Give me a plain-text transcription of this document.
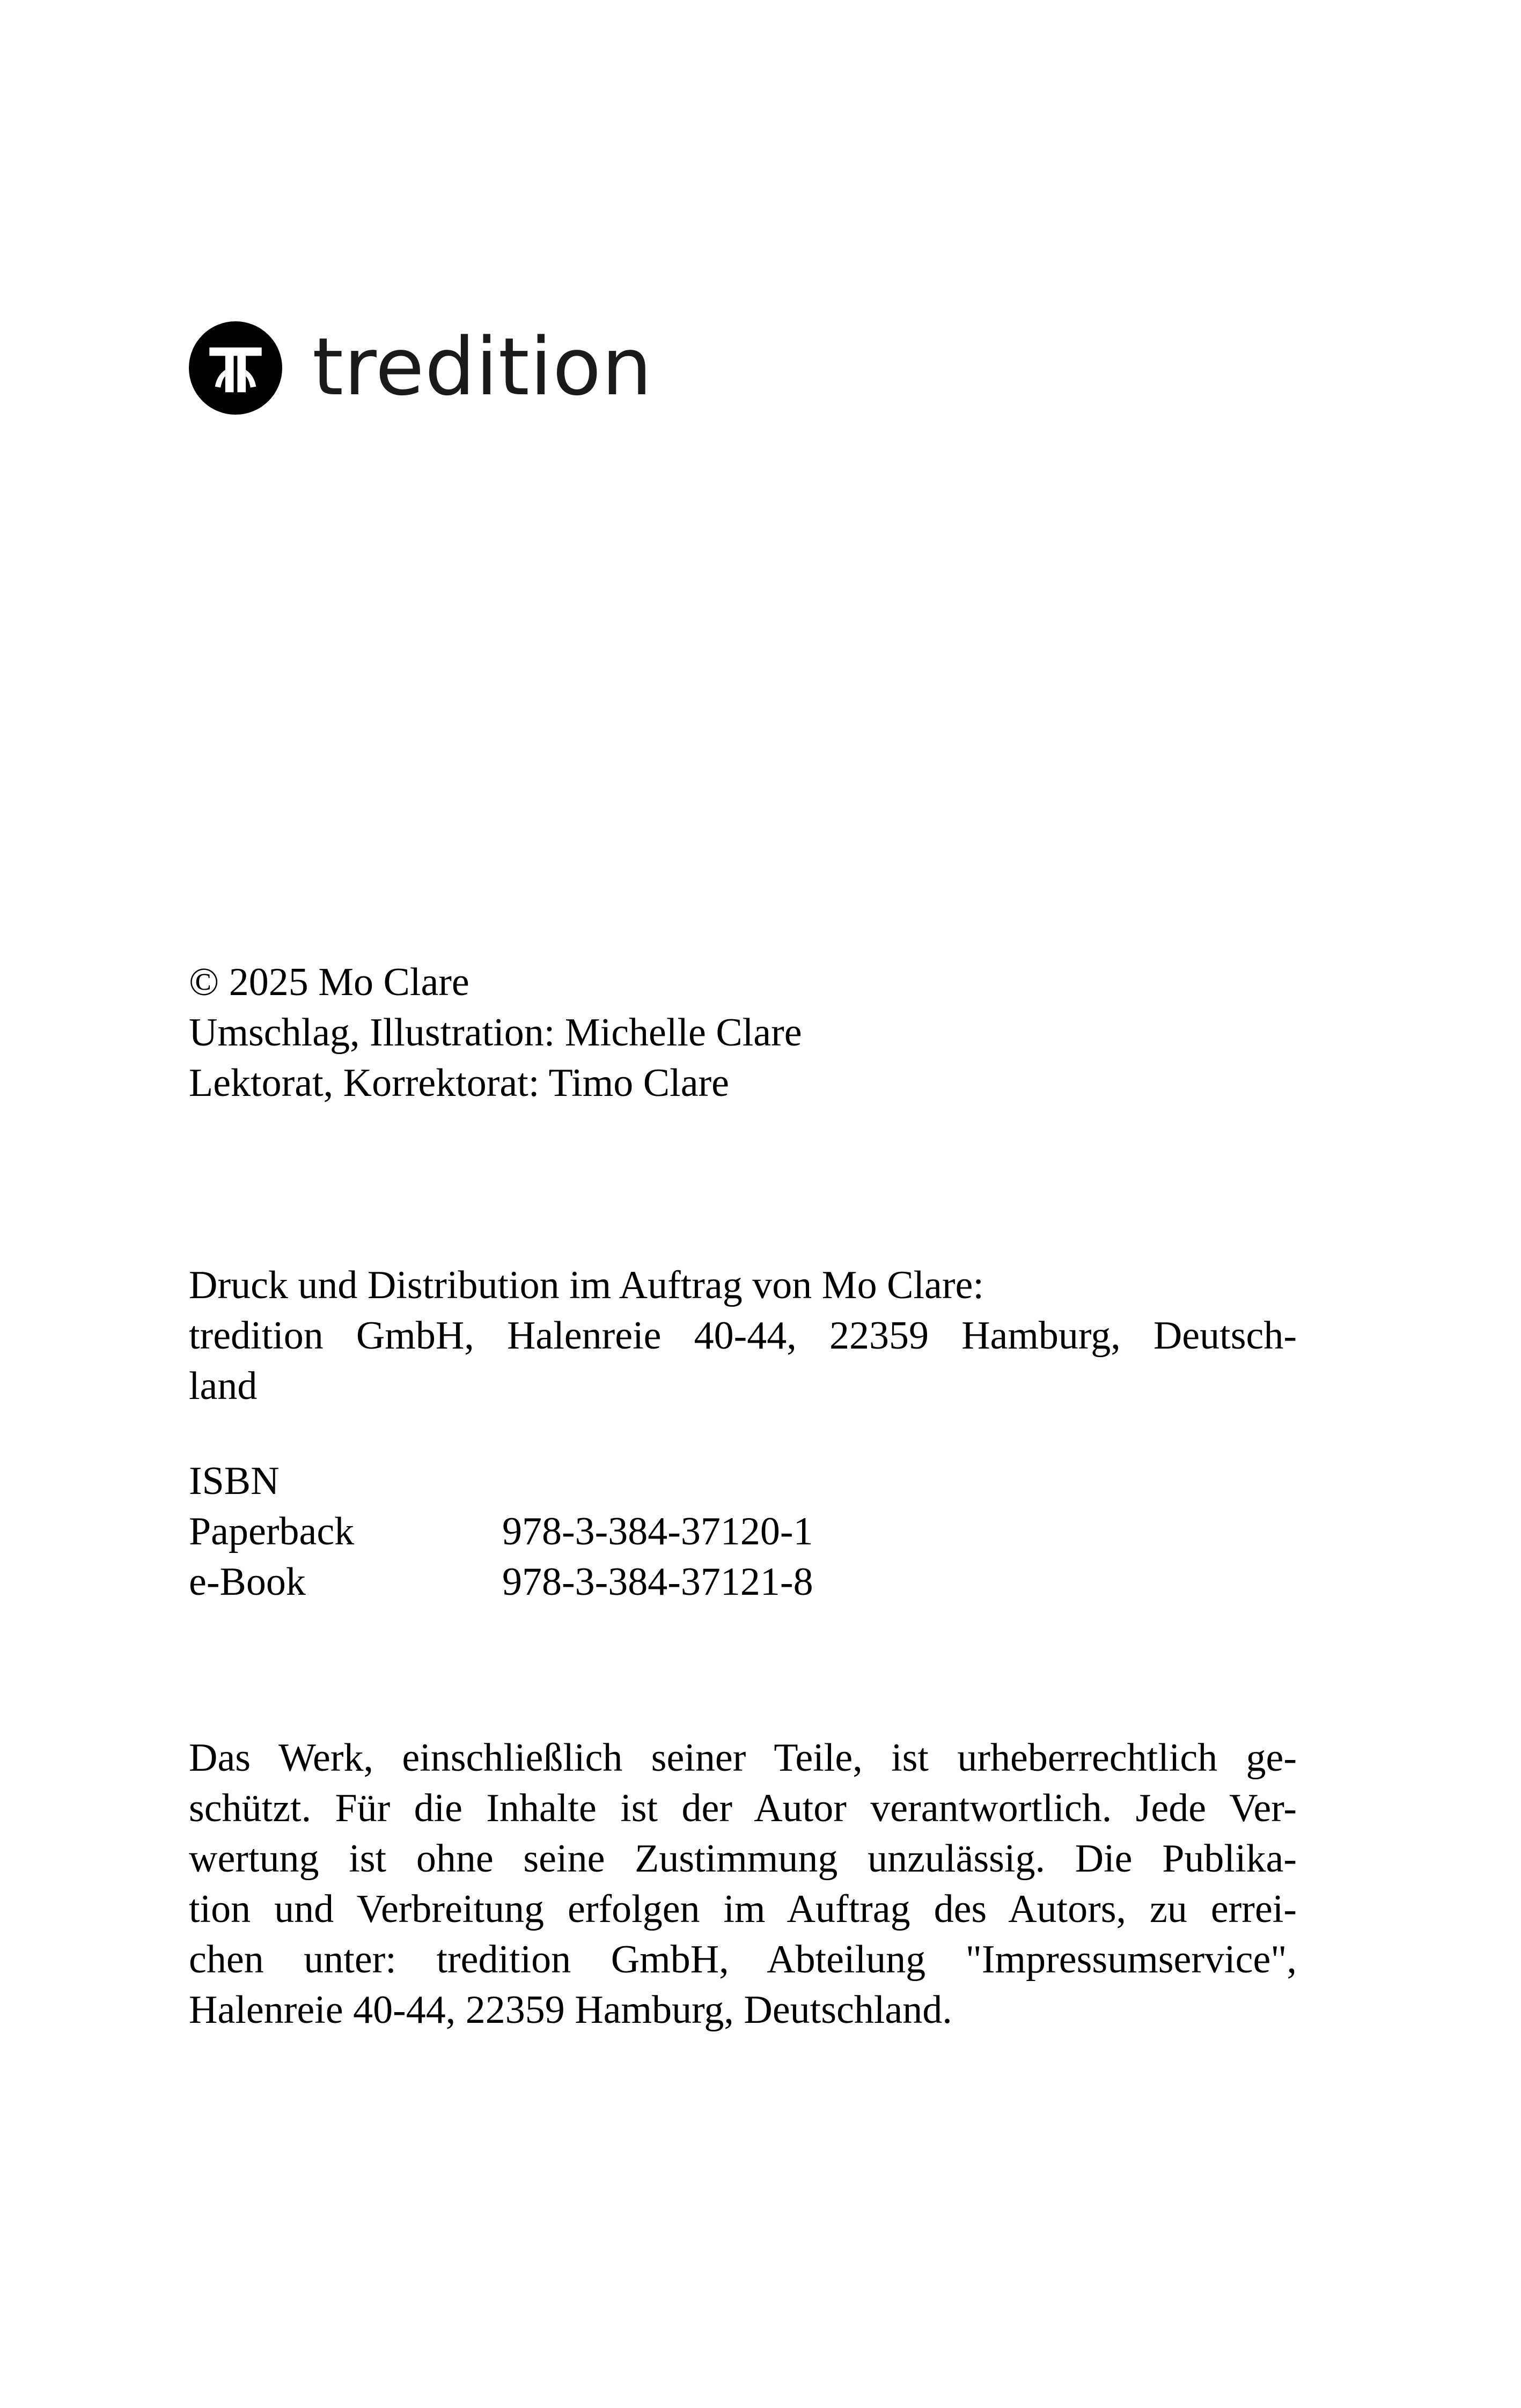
tredition

© 2025 Mo Clare

Umschlag, Illustration: Michelle Clare

Lektorat, Korrektorat: Timo Clare

Druck und Distribution im Auftrag von Mo Clare:

tredition GmbH, Halenreie 40-44, 22359 Hamburg, Deutsch-

land

ISBN

Paperback	978-3-384-37120-1
e-Book	978-3-384-37121-8

Das Werk, einschließlich seiner Teile, ist urheberrechtlich ge-

schützt. Für die Inhalte ist der Autor verantwortlich. Jede Ver-

wertung ist ohne seine Zustimmung unzulässig. Die Publika-

tion und Verbreitung erfolgen im Auftrag des Autors, zu errei-

chen unter: tredition GmbH, Abteilung "Impressumservice",

Halenreie 40-44, 22359 Hamburg, Deutschland.
